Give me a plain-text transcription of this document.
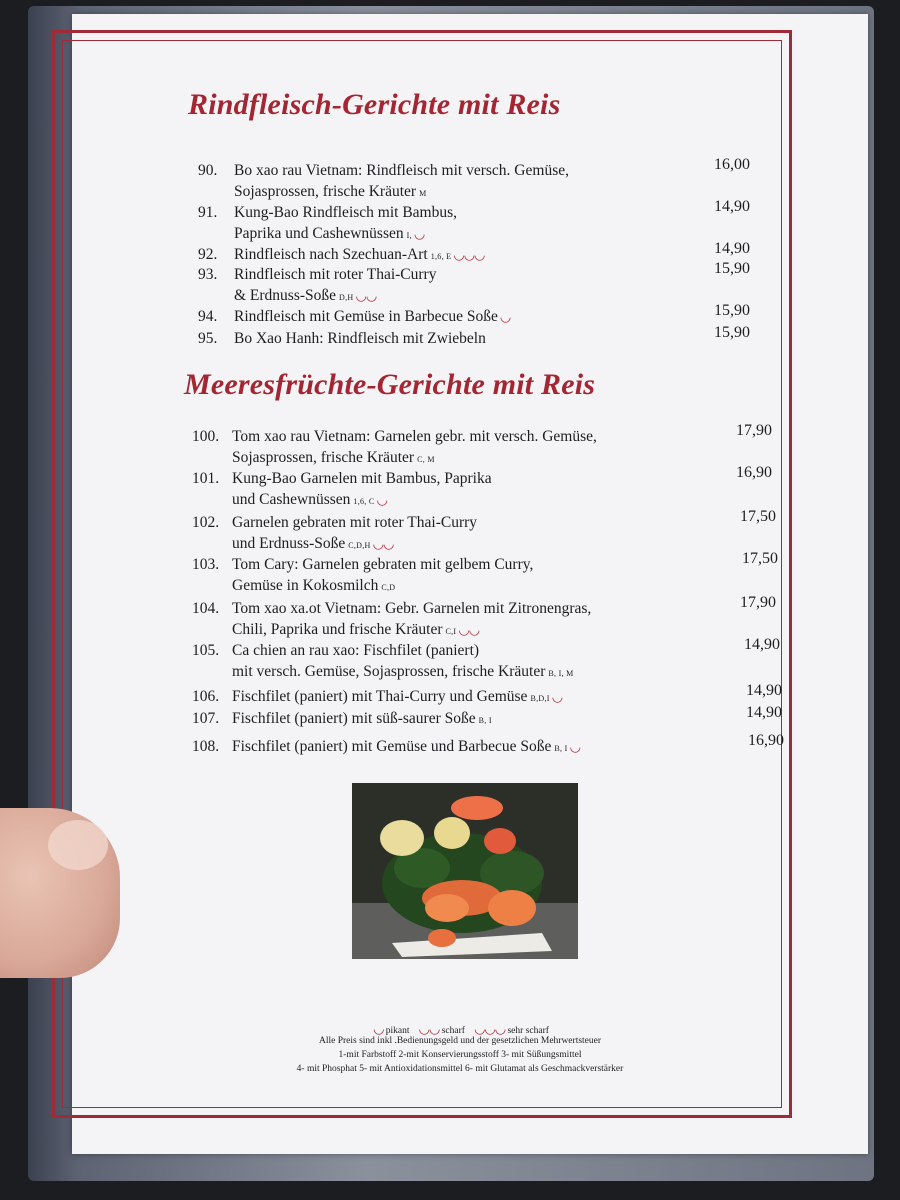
Rindfleisch-Gerichte mit Reis
90. Bo xao rau Vietnam: Rindfleisch mit versch. Gemüse,
Sojasprossen, frische Kräuter M
16,00
91. Kung-Bao Rindfleisch mit Bambus,
Paprika und Cashewnüssen I, ◡
14,90
92. Rindfleisch nach Szechuan-Art 1,6, E ◡◡◡	14,90
93. Rindfleisch mit roter Thai-Curry
& Erdnuss-Soße D,H ◡◡
15,90
94. Rindfleisch mit Gemüse in Barbecue Soße ◡	15,90
95. Bo Xao Hanh: Rindfleisch mit Zwiebeln	15,90
Meeresfrüchte-Gerichte mit Reis
100. Tom xao rau Vietnam: Garnelen gebr. mit versch. Gemüse,
Sojasprossen, frische Kräuter C, M
17,90
101. Kung-Bao Garnelen mit Bambus, Paprika
und Cashewnüssen 1,6, C ◡
16,90
102. Garnelen gebraten mit roter Thai-Curry
und Erdnuss-Soße C,D,H ◡◡
17,50
103. Tom Cary: Garnelen gebraten mit gelbem Curry,
Gemüse in Kokosmilch C,D
17,50
104. Tom xao xa.ot Vietnam: Gebr. Garnelen mit Zitronengras,
Chili, Paprika und frische Kräuter C,I ◡◡
17,90
105. Ca chien an rau xao: Fischfilet (paniert)
mit versch. Gemüse, Sojasprossen, frische Kräuter B, I, M
14,90
106. Fischfilet (paniert) mit Thai-Curry und Gemüse B,D,I ◡	14,90
107. Fischfilet (paniert) mit süß-saurer Soße B, I	14,90
108. Fischfilet (paniert) mit Gemüse und Barbecue Soße B, I ◡	16,90
◡ pikant ◡◡ scharf ◡◡◡ sehr scharf
Alle Preis sind inkl .Bedienungsgeld und der gesetzlichen Mehrwertsteuer
1-mit Farbstoff 2-mit Konservierungsstoff 3- mit Süßungsmittel
4- mit Phosphat 5- mit Antioxidationsmittel 6- mit Glutamat als Geschmackverstärker
